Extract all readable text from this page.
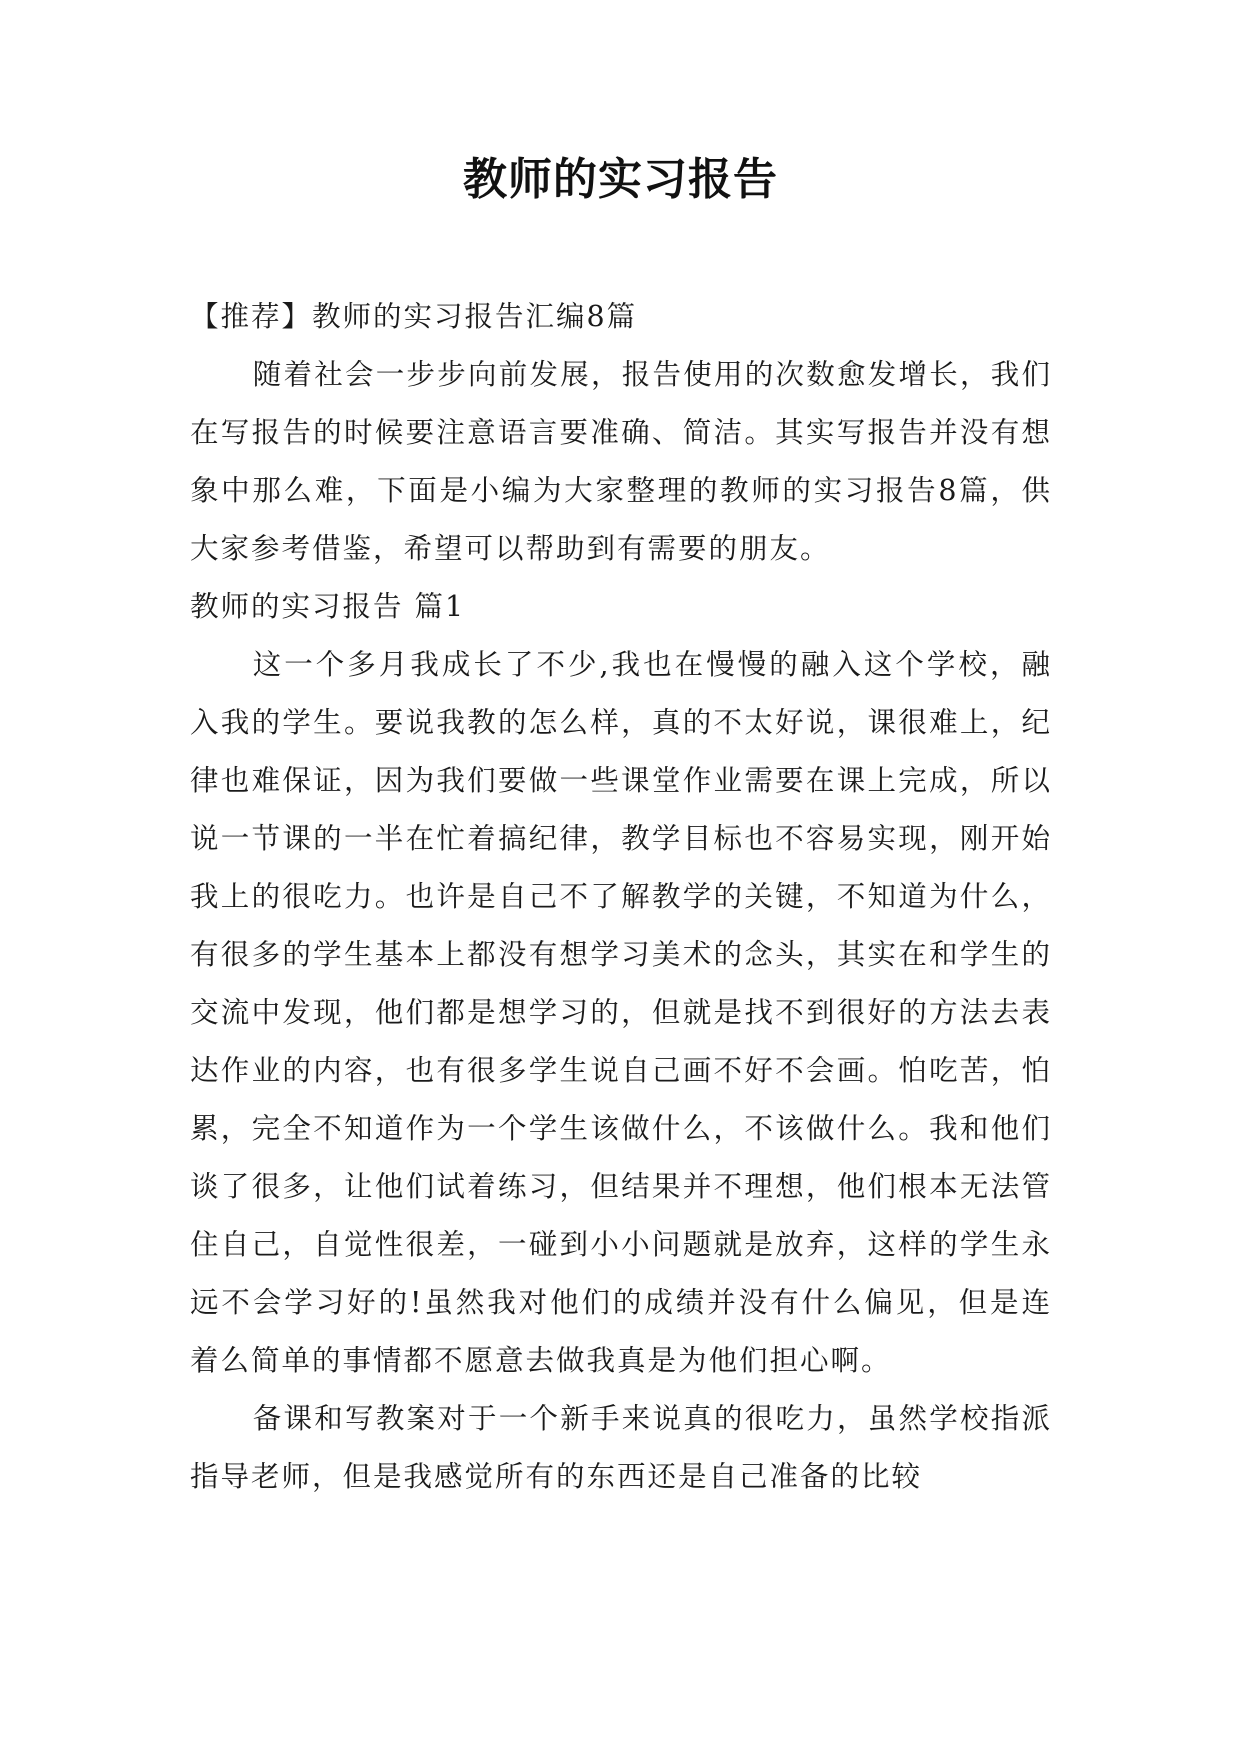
教师的实习报告

【推荐】教师的实习报告汇编8篇

随着社会一步步向前发展，报告使用的次数愈发增长，我们在写报告的时候要注意语言要准确、简洁。其实写报告并没有想象中那么难，下面是小编为大家整理的教师的实习报告8篇，供大家参考借鉴，希望可以帮助到有需要的朋友。

教师的实习报告 篇1

这一个多月我成长了不少,我也在慢慢的融入这个学校，融入我的学生。要说我教的怎么样，真的不太好说，课很难上，纪律也难保证，因为我们要做一些课堂作业需要在课上完成，所以说一节课的一半在忙着搞纪律，教学目标也不容易实现，刚开始我上的很吃力。也许是自己不了解教学的关键，不知道为什么，有很多的学生基本上都没有想学习美术的念头，其实在和学生的交流中发现，他们都是想学习的，但就是找不到很好的方法去表达作业的内容，也有很多学生说自己画不好不会画。怕吃苦，怕累，完全不知道作为一个学生该做什么，不该做什么。我和他们谈了很多，让他们试着练习，但结果并不理想，他们根本无法管住自己，自觉性很差，一碰到小小问题就是放弃，这样的学生永远不会学习好的!虽然我对他们的成绩并没有什么偏见，但是连着么简单的事情都不愿意去做我真是为他们担心啊。

备课和写教案对于一个新手来说真的很吃力，虽然学校指派指导老师，但是我感觉所有的东西还是自己准备的比较
